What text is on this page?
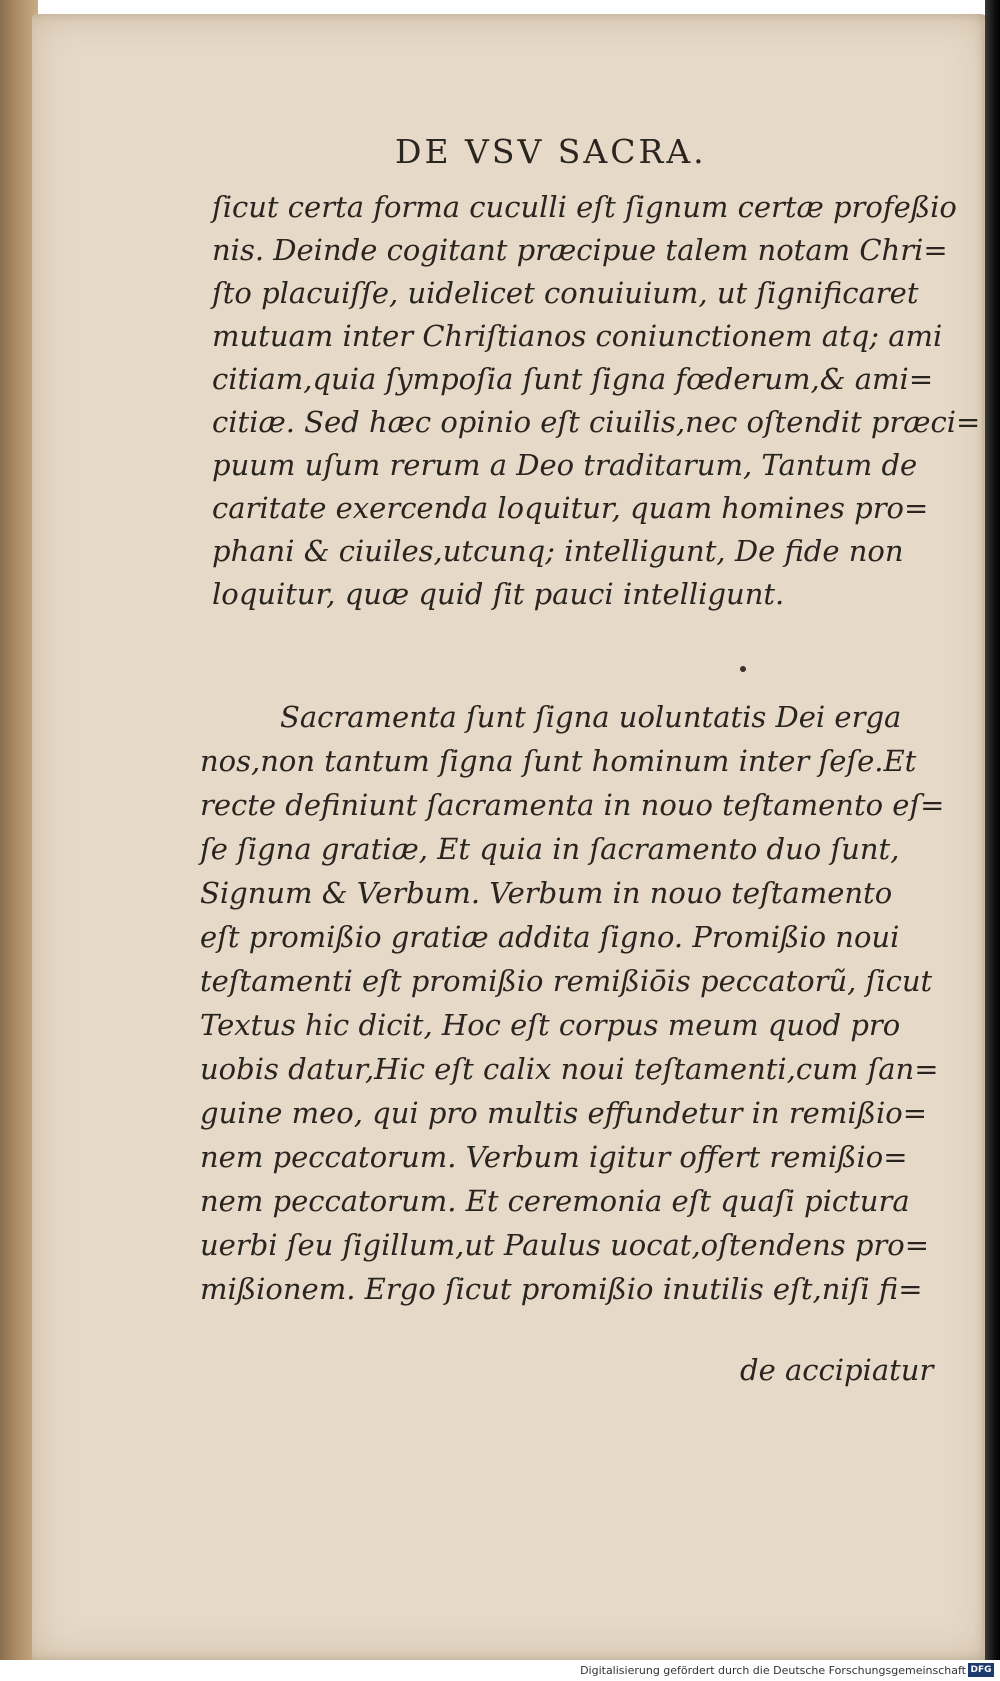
DE VSV SACRA.
ſicut certa forma cuculli eſt ſignum certæ profeßio
nis. Deinde cogitant præcipue talem notam Chri=
ſto placuiſſe, uidelicet conuiuium, ut ſignificaret
mutuam inter Chriſtianos coniunctionem atq; ami
citiam,quia ſympoſia ſunt ſigna fœderum,& ami=
citiæ. Sed hæc opinio eſt ciuilis,nec oſtendit præci=
puum uſum rerum a Deo traditarum, Tantum de
caritate exercenda loquitur, quam homines pro=
phani & ciuiles,utcunq; intelligunt, De fide non
loquitur, quæ quid ſit pauci intelligunt.
Sacramenta ſunt ſigna uoluntatis Dei erga
nos,non tantum ſigna ſunt hominum inter ſeſe.Et
recte definiunt ſacramenta in nouo teſtamento eſ=
ſe ſigna gratiæ, Et quia in ſacramento duo ſunt,
Signum & Verbum. Verbum in nouo teſtamento
eſt promißio gratiæ addita ſigno. Promißio noui
teſtamenti eſt promißio remißiōis peccatorũ, ſicut
Textus hic dicit, Hoc eſt corpus meum quod pro
uobis datur,Hic eſt calix noui teſtamenti,cum ſan=
guine meo, qui pro multis effundetur in remißio=
nem peccatorum. Verbum igitur offert remißio=
nem peccatorum. Et ceremonia eſt quaſi pictura
uerbi ſeu ſigillum,ut Paulus uocat,oſtendens pro=
mißionem. Ergo ſicut promißio inutilis eſt,niſi fi=
de accipiatur
Digitalisierung gefördert durch die Deutsche Forschungsgemeinschaft DFG
